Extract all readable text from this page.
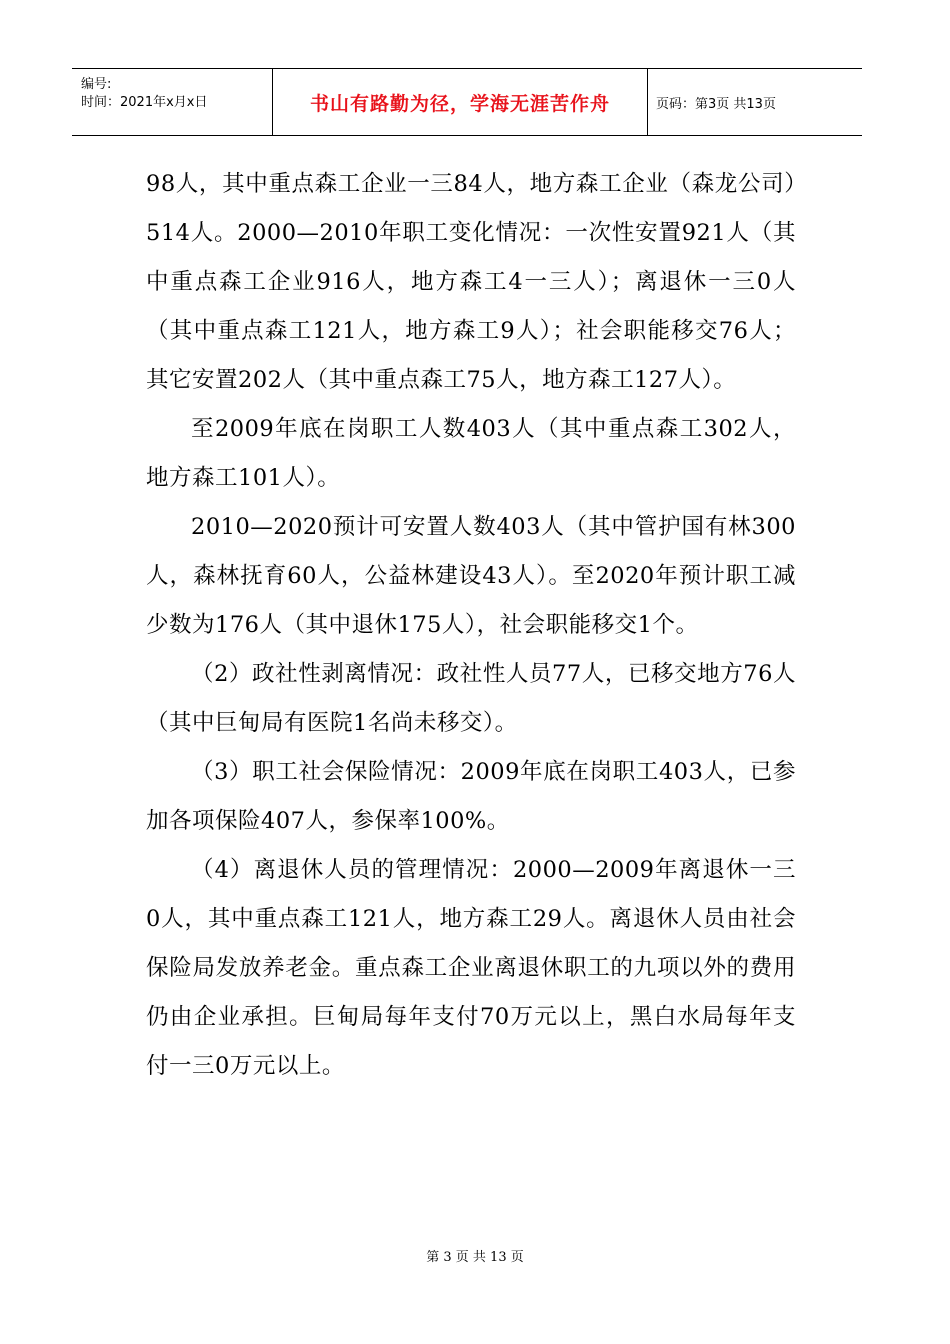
编号:
时间：2021年x月x日	书山有路勤为径，学海无涯苦作舟	页码：第3页 共13页

98人，其中重点森工企业一三84人，地方森工企业（森龙公司）514人。2000—2010年职工变化情况：一次性安置921人（其中重点森工企业916人，地方森工4一三人）；离退休一三0人（其中重点森工121人，地方森工9人）；社会职能移交76人；其它安置202人（其中重点森工75人，地方森工127人）。

至2009年底在岗职工人数403人（其中重点森工302人，地方森工101人）。

2010—2020预计可安置人数403人（其中管护国有林300人，森林抚育60人，公益林建设43人）。至2020年预计职工减少数为176人（其中退休175人），社会职能移交1个。

（2）政社性剥离情况：政社性人员77人，已移交地方76人（其中巨甸局有医院1名尚未移交）。

（3）职工社会保险情况：2009年底在岗职工403人，已参加各项保险407人，参保率100%。

（4）离退休人员的管理情况：2000—2009年离退休一三0人，其中重点森工121人，地方森工29人。离退休人员由社会保险局发放养老金。重点森工企业离退休职工的九项以外的费用仍由企业承担。巨甸局每年支付70万元以上，黑白水局每年支付一三0万元以上。

第 3 页 共 13 页
